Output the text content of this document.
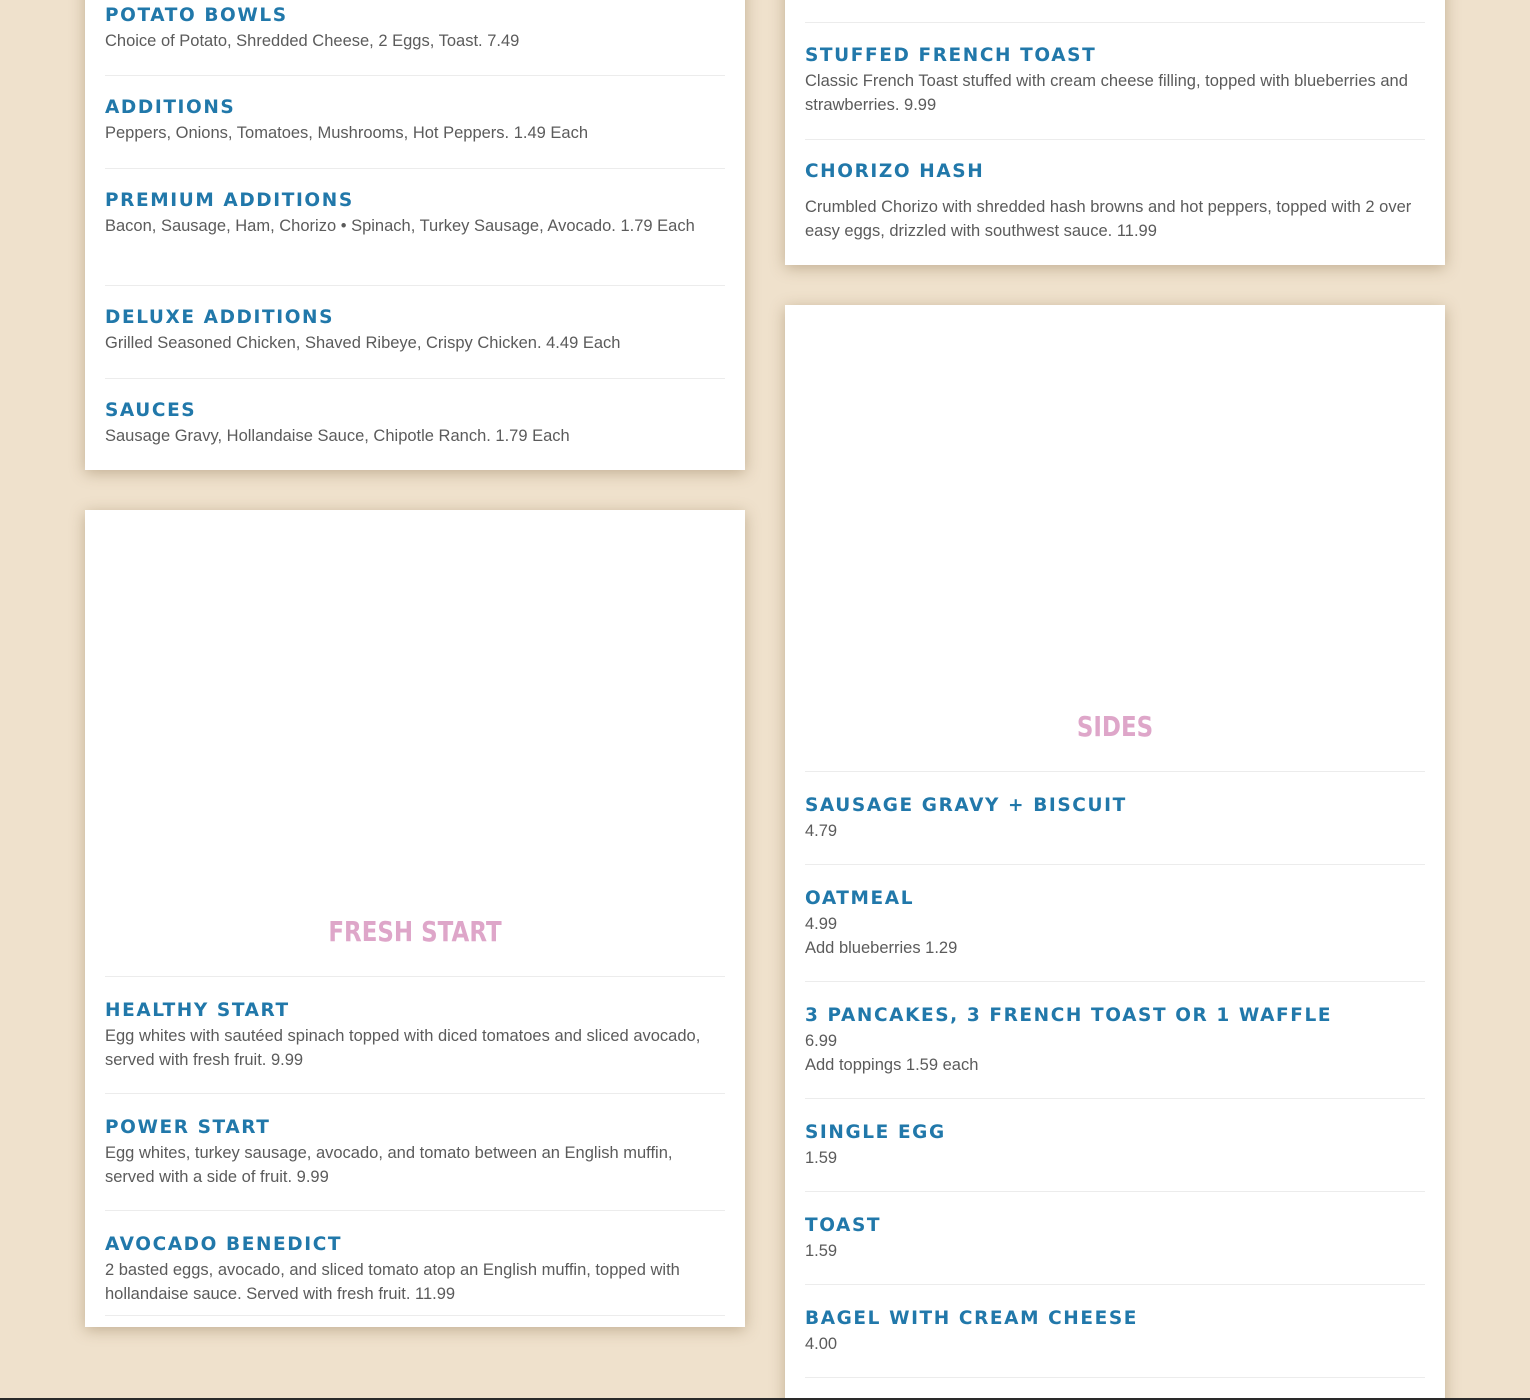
POTATO BOWLS

Choice of Potato, Shredded Cheese, 2 Eggs, Toast. 7.49

ADDITIONS

Peppers, Onions, Tomatoes, Mushrooms, Hot Peppers. 1.49 Each

PREMIUM ADDITIONS

Bacon, Sausage, Ham, Chorizo • Spinach, Turkey Sausage, Avocado. 1.79 Each

DELUXE ADDITIONS

Grilled Seasoned Chicken, Shaved Ribeye, Crispy Chicken. 4.49 Each

SAUCES

Sausage Gravy, Hollandaise Sauce, Chipotle Ranch. 1.79 Each

STUFFED FRENCH TOAST

Classic French Toast stuffed with cream cheese filling, topped with blueberries and strawberries. 9.99

CHORIZO HASH

Crumbled Chorizo with shredded hash browns and hot peppers, topped with 2 over easy eggs, drizzled with southwest sauce. 11.99

FRESH START
HEALTHY START

Egg whites with sautéed spinach topped with diced tomatoes and sliced avocado, served with fresh fruit. 9.99

POWER START

Egg whites, turkey sausage, avocado, and tomato between an English muffin, served with a side of fruit. 9.99

AVOCADO BENEDICT

2 basted eggs, avocado, and sliced tomato atop an English muffin, topped with hollandaise sauce. Served with fresh fruit. 11.99

SIDES
SAUSAGE GRAVY + BISCUIT

4.79

OATMEAL

4.99

Add blueberries 1.29

3 PANCAKES, 3 FRENCH TOAST OR 1 WAFFLE

6.99

Add toppings 1.59 each

SINGLE EGG

1.59

TOAST

1.59

BAGEL WITH CREAM CHEESE

4.00
